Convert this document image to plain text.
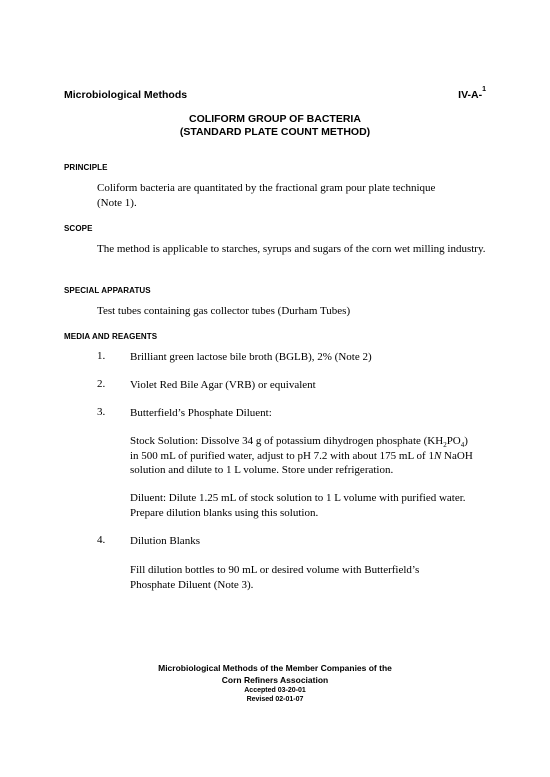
Microbiological Methods	IV-A-$^1$
COLIFORM GROUP OF BACTERIA
(STANDARD PLATE COUNT METHOD)
PRINCIPLE
Coliform bacteria are quantitated by the fractional gram pour plate technique
(Note 1).
SCOPE
The method is applicable to starches, syrups and sugars of the corn wet milling industry.
SPECIAL APPARATUS
Test tubes containing gas collector tubes (Durham Tubes)
MEDIA AND REAGENTS
1. Brilliant green lactose bile broth (BGLB), 2% (Note 2)
2. Violet Red Bile Agar (VRB) or equivalent
3. Butterfield’s Phosphate Diluent:
Stock Solution: Dissolve 34 g of potassium dihydrogen phosphate $(KH_2PO_4)$
in 500 mL of purified water, adjust to pH 7.2 with about 175 mL of 1N NaOH
solution and dilute to 1 L volume. Store under refrigeration.
Diluent: Dilute 1.25 mL of stock solution to 1 L volume with purified water.
Prepare dilution blanks using this solution.
4. Dilution Blanks
Fill dilution bottles to 90 mL or desired volume with Butterfield’s
Phosphate Diluent (Note 3).
Microbiological Methods of the Member Companies of the
Corn Refiners Association
Accepted 03-20-01
Revised 02-01-07
